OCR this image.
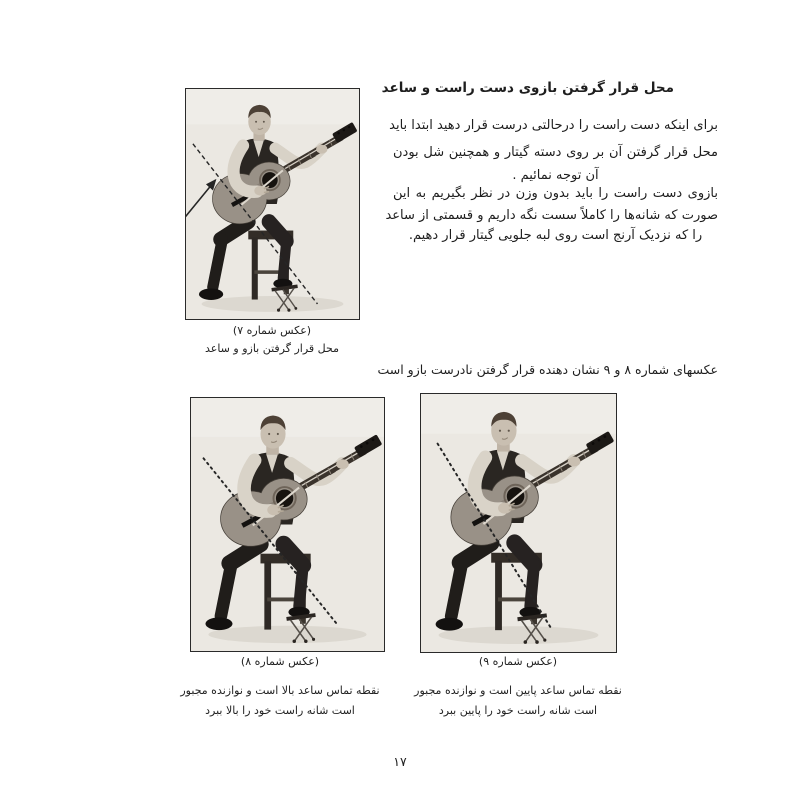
محل قرار گرفتن بازوی دست راست و ساعد
برای اینکه دست راست را درحالتی درست قرار دهید ابتدا باید
محل قرار گرفتن آن بر روی دسته گیتار و همچنین شل بودن
آن توجه نمائیم .
بازوی دست راست را باید بدون وزن در نظر بگیریم به این
صورت که شانه‌ها را کاملاً سست نگه داریم و قسمتی از ساعد
را که نزدیک آرنج است روی لبه جلویی گیتار قرار دهیم.
(عکس شماره ۷)
محل قرار گرفتن بازو و ساعد
عکسهای شماره ۸ و ۹ نشان دهنده قرار گرفتن نادرست بازو است
(عکس شماره ۸)
نقطه تماس ساعد بالا است و نوازنده مجبور
است شانه راست خود را بالا ببرد
(عکس شماره ۹)
نقطه تماس ساعد پایین است و نوازنده مجبور
است شانه راست خود را پایین ببرد
۱۷
